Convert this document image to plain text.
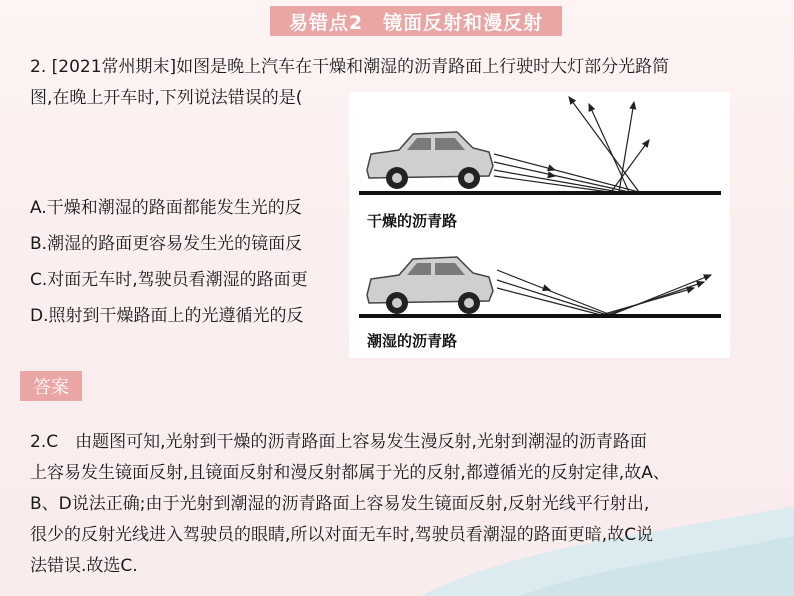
易错点2　镜面反射和漫反射
2. [2021常州期末]如图是晚上汽车在干燥和潮湿的沥青路面上行驶时大灯部分光路简
图,在晚上开车时,下列说法错误的是(
A.干燥和潮湿的路面都能发生光的反
B.潮湿的路面更容易发生光的镜面反
C.对面无车时,驾驶员看潮湿的路面更
D.照射到干燥路面上的光遵循光的反
干燥的沥青路
潮湿的沥青路
答案
2.C　由题图可知,光射到干燥的沥青路面上容易发生漫反射,光射到潮湿的沥青路面
上容易发生镜面反射,且镜面反射和漫反射都属于光的反射,都遵循光的反射定律,故A、
B、D说法正确;由于光射到潮湿的沥青路面上容易发生镜面反射,反射光线平行射出,
很少的反射光线进入驾驶员的眼睛,所以对面无车时,驾驶员看潮湿的路面更暗,故C说
法错误.故选C.
